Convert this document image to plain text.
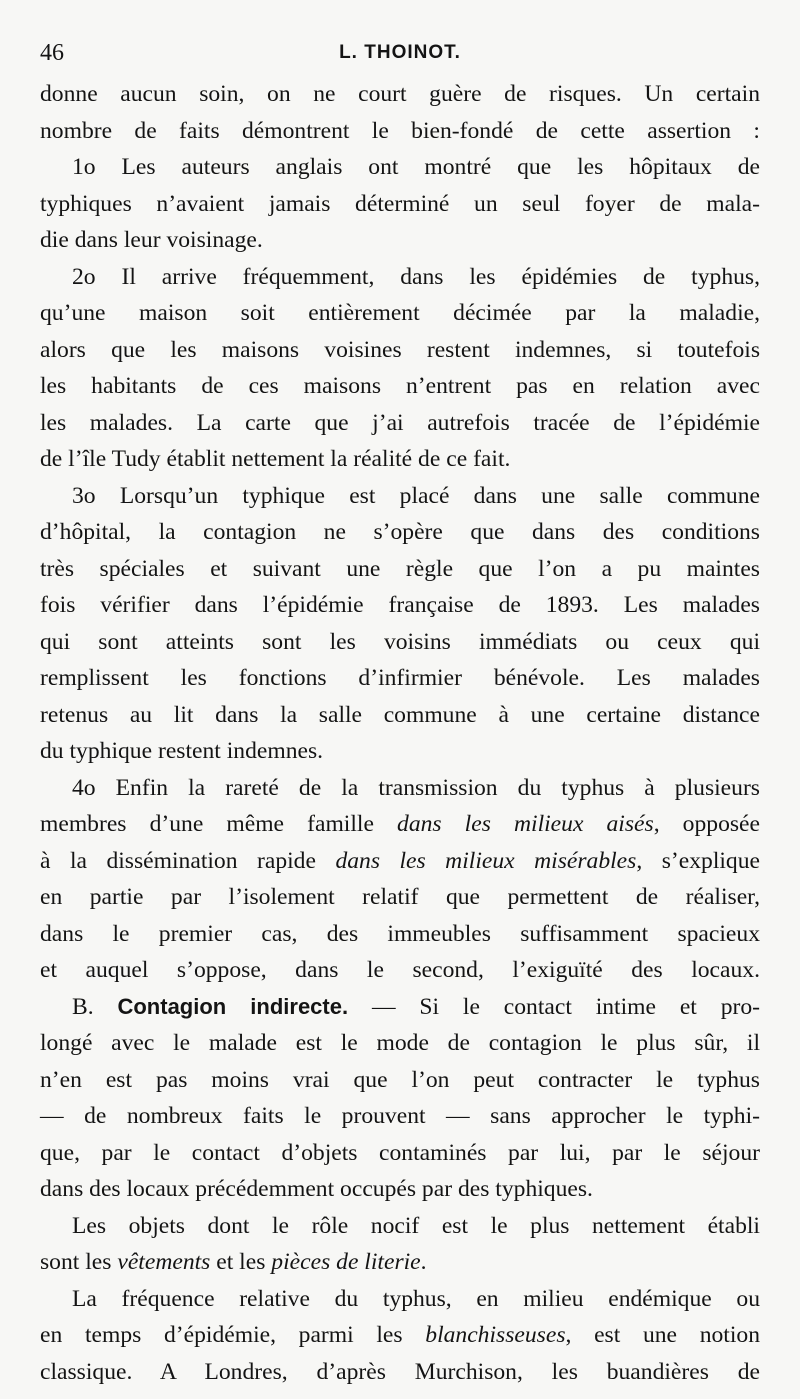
46	L. THOINOT.
donne aucun soin, on ne court guère de risques. Un certain
nombre de faits démontrent le bien-fondé de cette assertion :
1o Les auteurs anglais ont montré que les hôpitaux de
typhiques n’avaient jamais déterminé un seul foyer de mala-
die dans leur voisinage.
2o Il arrive fréquemment, dans les épidémies de typhus,
qu’une maison soit entièrement décimée par la maladie,
alors que les maisons voisines restent indemnes, si toutefois
les habitants de ces maisons n’entrent pas en relation avec
les malades. La carte que j’ai autrefois tracée de l’épidémie
de l’île Tudy établit nettement la réalité de ce fait.
3o Lorsqu’un typhique est placé dans une salle commune
d’hôpital, la contagion ne s’opère que dans des conditions
très spéciales et suivant une règle que l’on a pu maintes
fois vérifier dans l’épidémie française de 1893. Les malades
qui sont atteints sont les voisins immédiats ou ceux qui
remplissent les fonctions d’infirmier bénévole. Les malades
retenus au lit dans la salle commune à une certaine distance
du typhique restent indemnes.
4o Enfin la rareté de la transmission du typhus à plusieurs
membres d’une même famille dans les milieux aisés, opposée
à la dissémination rapide dans les milieux misérables, s’explique
en partie par l’isolement relatif que permettent de réaliser,
dans le premier cas, des immeubles suffisamment spacieux
et auquel s’oppose, dans le second, l’exiguïté des locaux.
B. Contagion indirecte. — Si le contact intime et pro-
longé avec le malade est le mode de contagion le plus sûr, il
n’en est pas moins vrai que l’on peut contracter le typhus
— de nombreux faits le prouvent — sans approcher le typhi-
que, par le contact d’objets contaminés par lui, par le séjour
dans des locaux précédemment occupés par des typhiques.
Les objets dont le rôle nocif est le plus nettement établi
sont les vêtements et les pièces de literie.
La fréquence relative du typhus, en milieu endémique ou
en temps d’épidémie, parmi les blanchisseuses, est une notion
classique. A Londres, d’après Murchison, les buandières de
